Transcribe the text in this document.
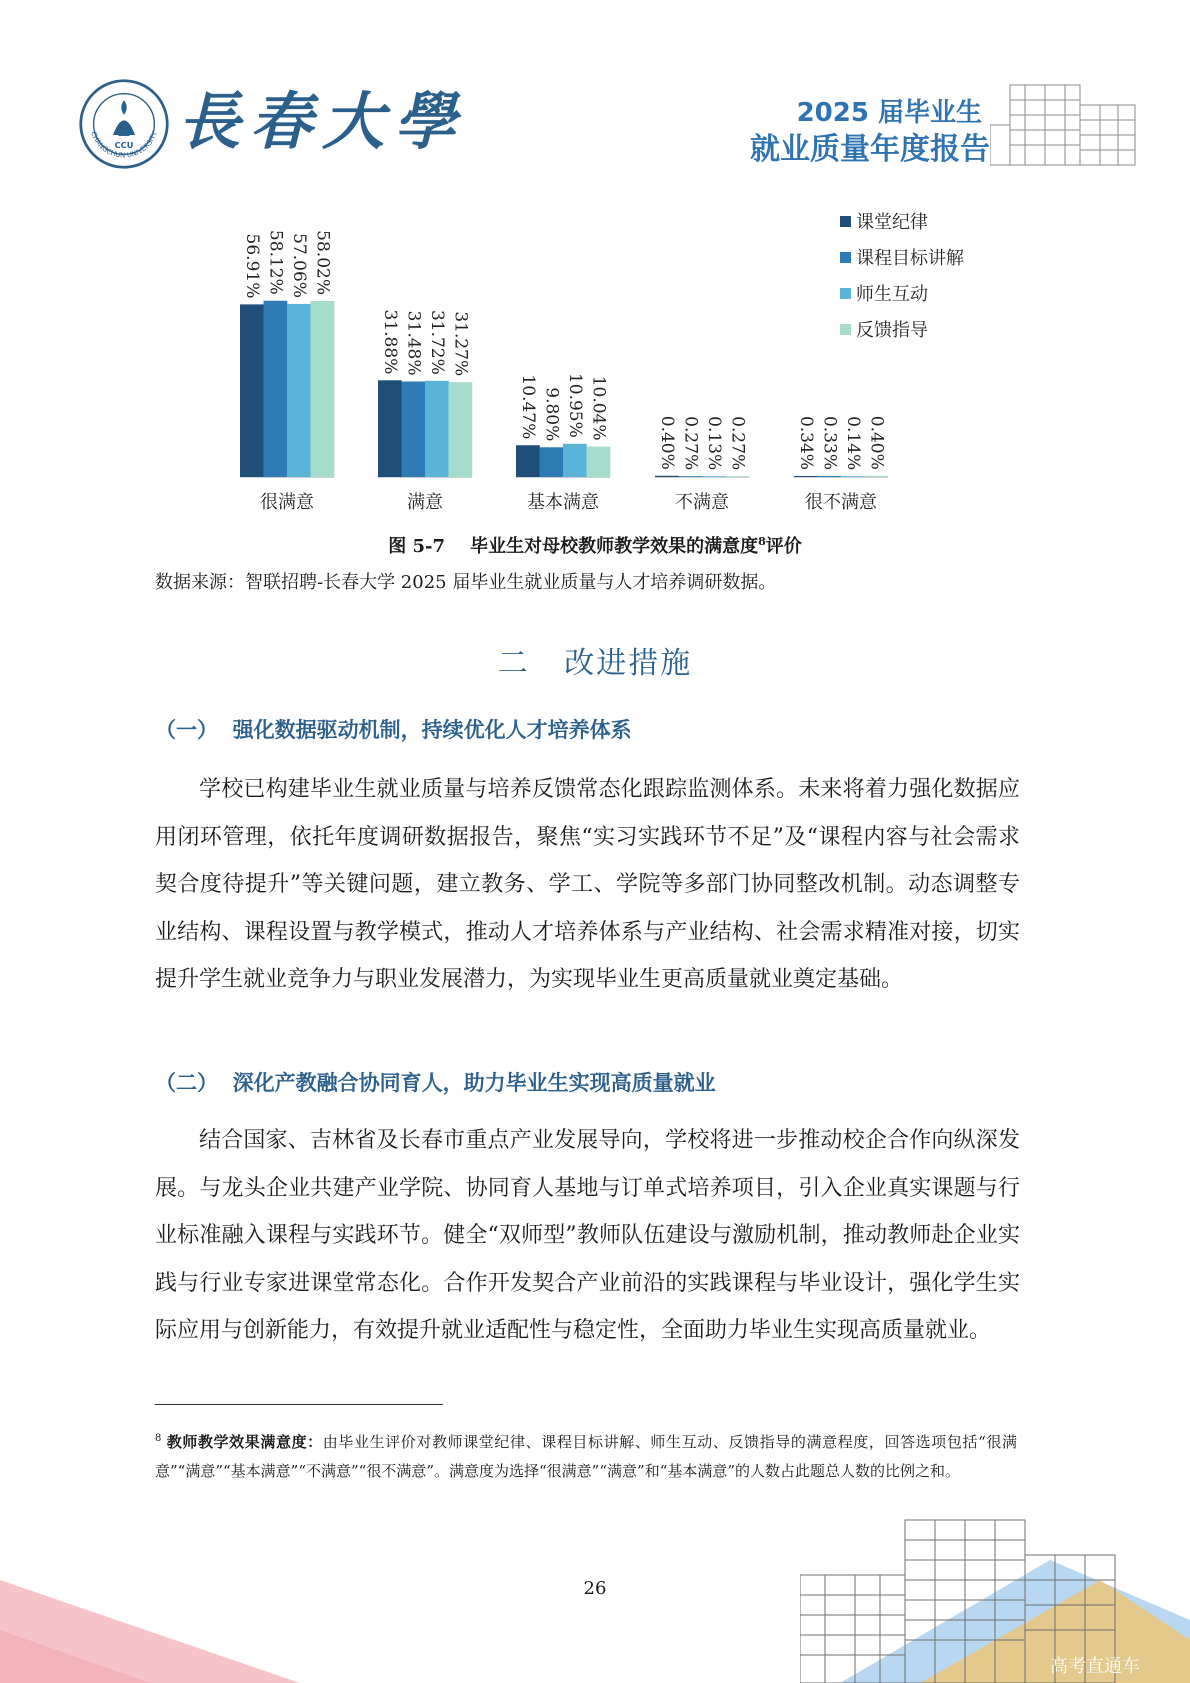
CCU
CHANGCHUN UNIVERSITY 長春大學	2025 届毕业生
就业质量年度报告
56.91% 58.12% 57.06% 58.02%
31.88% 31.48% 31.72% 31.27%
10.47% 9.80% 10.95% 10.04%
0.40% 0.27% 0.13% 0.27%	0.34% 0.33% 0.14% 0.40%
很满意	满意	基本满意	不满意	很不满意
课堂纪律
课程目标讲解
师生互动
反馈指导
图 5-7 毕业生对母校教师教学效果的满意度$^8$评价
数据来源：智联招聘-长春大学 2025 届毕业生就业质量与人才培养调研数据。
二   改进措施
（一）  强化数据驱动机制，持续优化人才培养体系
学校已构建毕业生就业质量与培养反馈常态化跟踪监测体系。未来将着力强化数据应用闭环管理，依托年度调研数据报告，聚焦“实习实践环节不足”及“课程内容与社会需求契合度待提升”等关键问题，建立教务、学工、学院等多部门协同整改机制。动态调整专业结构、课程设置与教学模式，推动人才培养体系与产业结构、社会需求精准对接，切实提升学生就业竞争力与职业发展潜力，为实现毕业生更高质量就业奠定基础。
（二）  深化产教融合协同育人，助力毕业生实现高质量就业
结合国家、吉林省及长春市重点产业发展导向，学校将进一步推动校企合作向纵深发展。与龙头企业共建产业学院、协同育人基地与订单式培养项目，引入企业真实课题与行业标准融入课程与实践环节。健全“双师型”教师队伍建设与激励机制，推动教师赴企业实践与行业专家进课堂常态化。合作开发契合产业前沿的实践课程与毕业设计，强化学生实际应用与创新能力，有效提升就业适配性与稳定性，全面助力毕业生实现高质量就业。
$^8$ 教师教学效果满意度：由毕业生评价对教师课堂纪律、课程目标讲解、师生互动、反馈指导的满意程度，回答选项包括“很满意”“满意”“基本满意”“不满意”“很不满意”。满意度为选择“很满意”“满意”和“基本满意”的人数占此题总人数的比例之和。
26
高考直通车
